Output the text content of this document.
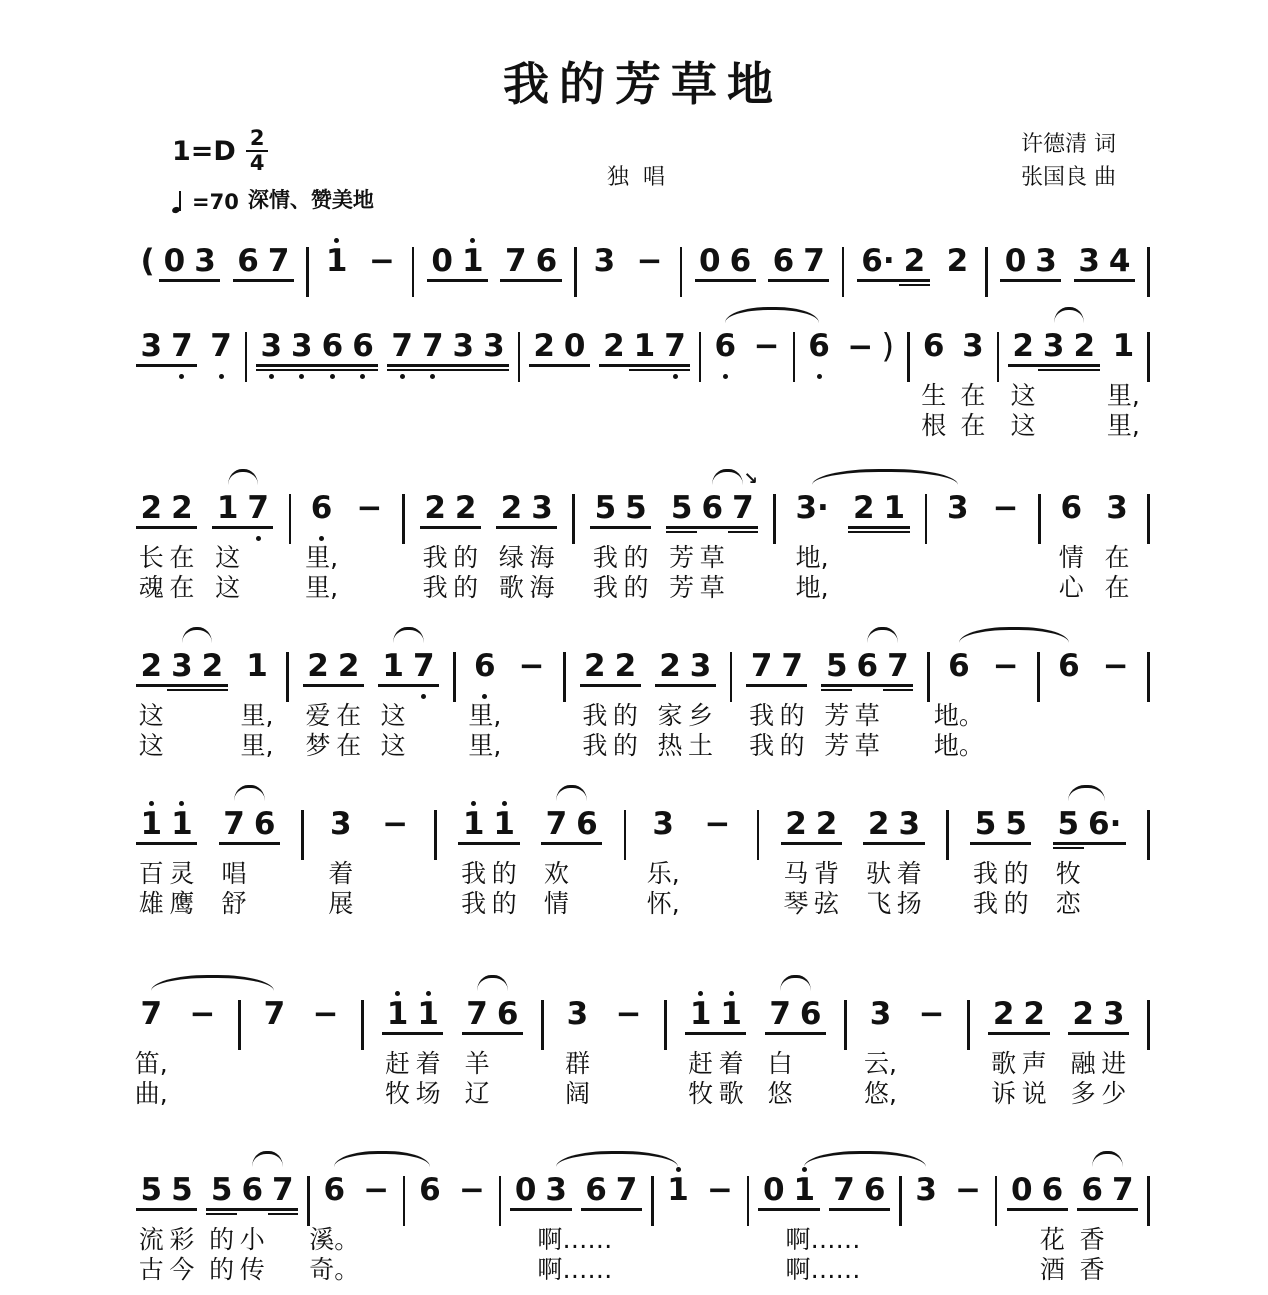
我的芳草地
$1=D \frac{2}{4}$
=70 深情、赞美地
独唱
许德清 词
张国良 曲
( 0 3 6 7 1 − 0 1 7 6 3 − 0 6 6 7 6· 2 2 0 3 3 4
3 7 7 3 3 6 6 7 7 3 3 2 0 2 1 7 6 − 6 − ) 6
生
根
3
在
在
2
这
这
3 2 1
里,
里,
2
长
魂
2
在
在
1
这
这
7 6
里,
里,
− 2
我
我
2
的
的
2
绿
歌
3
海
海
5
我
我
5
的
的
5
芳
芳
6
草
草
7 3·
地,
地,
2 1 3 − 6
情
心
3
在
在
↘
2
这
这
3 2 1
里,
里,
2
爱
梦
2
在
在
1
这
这
7 6
里,
里,
− 2
我
我
2
的
的
2
家
热
3
乡
土
7
我
我
7
的
的
5
芳
芳
6
草
草
7 6
地。
地。
− 6 −
1
百
雄
1
灵
鹰
7
唱
舒
6 3
着
展
− 1
我
我
1
的
的
7
欢
情
6 3
乐,
怀,
− 2
马
琴
2
背
弦
2
驮
飞
3
着
扬
5
我
我
5
的
的
5
牧
恋
6·
7
笛,
曲,
− 7 − 1
赶
牧
1
着
场
7
羊
辽
6 3
群
阔
− 1
赶
牧
1
着
歌
7
白
悠
6 3
云,
悠,
− 2
歌
诉
2
声
说
2
融
多
3
进
少
5
流
古
5
彩
今
5
的
的
6
小
传
7 6
溪。
奇。
− 6 − 0 3
啊……
啊……
6 7 1 − 0 1
啊……
啊……
7 6 3 − 0 6
花
酒
6
香
香
7
